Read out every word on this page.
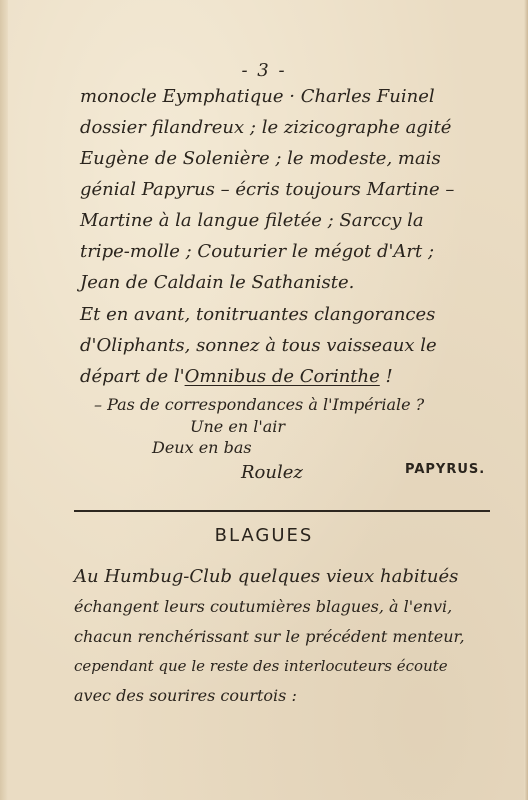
- 3 -
monocle Eymphatique · Charles Fuinel
dossier filandreux ; le zizicographe agité
Eugène de Solenière ; le modeste, mais
génial Papyrus – écris toujours Martine –
Martine à la langue filetée ; Sarccy la
tripe-molle ; Couturier le mégot d'Art ;
Jean de Caldain le Sathaniste.
Et en avant, tonitruantes clangorances
d'Oliphants, sonnez à tous vaisseaux le
départ de l'Omnibus de Corinthe !
– Pas de correspondances à l'Impériale ?
Une en l'air
Deux en bas
Roulez	PAPYRUS.
BLAGUES
Au Humbug-Club quelques vieux habitués
échangent leurs coutumières blagues, à l'envi,
chacun renchérissant sur le précédent menteur,
cependant que le reste des interlocuteurs écoute
avec des sourires courtois :
